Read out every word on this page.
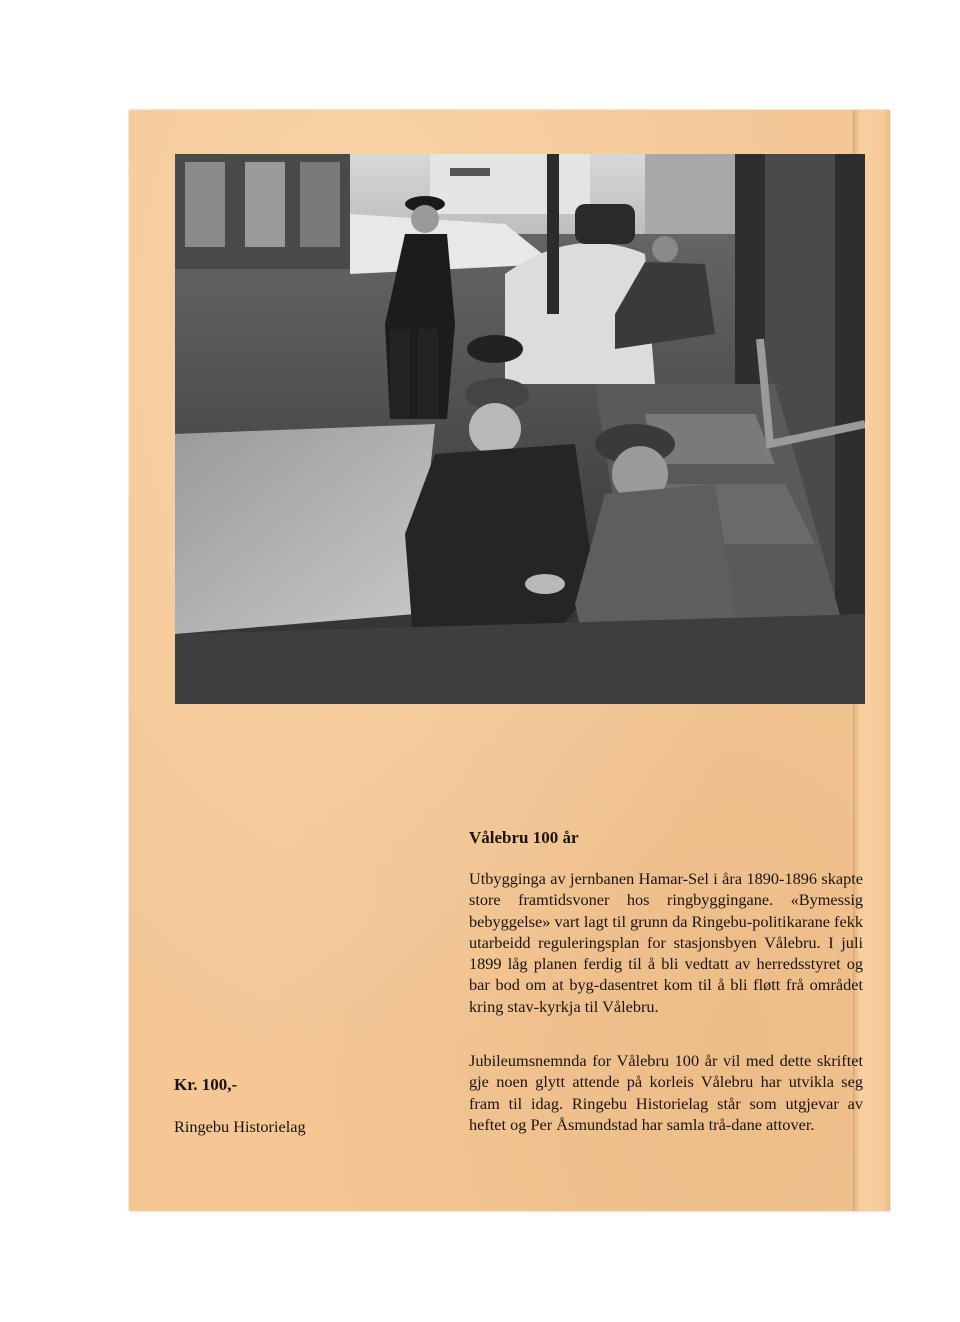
Vålebru 100 år

Utbygginga av jernbanen Hamar-Sel i åra 1890-1896 skapte store framtidsvoner hos ringbyggingane. «Bymessig bebyggelse» vart lagt til grunn da Ringebu-politikarane fekk utarbeidd reguleringsplan for stasjonsbyen Vålebru. I juli 1899 låg planen ferdig til å bli vedtatt av herredsstyret og bar bod om at byg-dasentret kom til å bli fløtt frå området kring stav-kyrkja til Vålebru.

Jubileumsnemnda for Vålebru 100 år vil med dette skriftet gje noen glytt attende på korleis Vålebru har utvikla seg fram til idag. Ringebu Historielag står som utgjevar av heftet og Per Åsmundstad har samla trå-dane attover.

Kr. 100,-

Ringebu Historielag
